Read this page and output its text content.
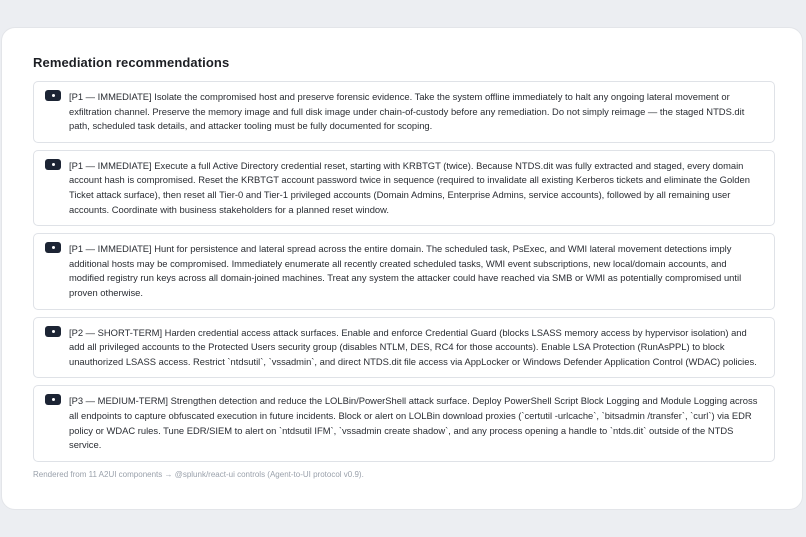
Remediation recommendations

[P1 — IMMEDIATE] Isolate the compromised host and preserve forensic evidence. Take the system offline immediately to halt any ongoing lateral movement or exfiltration channel. Preserve the memory image and full disk image under chain-of-custody before any remediation. Do not simply reimage — the staged NTDS.dit path, scheduled task details, and attacker tooling must be fully documented for scoping.

[P1 — IMMEDIATE] Execute a full Active Directory credential reset, starting with KRBTGT (twice). Because NTDS.dit was fully extracted and staged, every domain account hash is compromised. Reset the KRBTGT account password twice in sequence (required to invalidate all existing Kerberos tickets and eliminate the Golden Ticket attack surface), then reset all Tier-0 and Tier-1 privileged accounts (Domain Admins, Enterprise Admins, service accounts), followed by all remaining user accounts. Coordinate with business stakeholders for a planned reset window.

[P1 — IMMEDIATE] Hunt for persistence and lateral spread across the entire domain. The scheduled task, PsExec, and WMI lateral movement detections imply additional hosts may be compromised. Immediately enumerate all recently created scheduled tasks, WMI event subscriptions, new local/domain accounts, and modified registry run keys across all domain-joined machines. Treat any system the attacker could have reached via SMB or WMI as potentially compromised until proven otherwise.

[P2 — SHORT-TERM] Harden credential access attack surfaces. Enable and enforce Credential Guard (blocks LSASS memory access by hypervisor isolation) and add all privileged accounts to the Protected Users security group (disables NTLM, DES, RC4 for those accounts). Enable LSA Protection (RunAsPPL) to block unauthorized LSASS access. Restrict `ntdsutil`, `vssadmin`, and direct NTDS.dit file access via AppLocker or Windows Defender Application Control (WDAC) policies.

[P3 — MEDIUM-TERM] Strengthen detection and reduce the LOLBin/PowerShell attack surface. Deploy PowerShell Script Block Logging and Module Logging across all endpoints to capture obfuscated execution in future incidents. Block or alert on LOLBin download proxies (`certutil -urlcache`, `bitsadmin /transfer`, `curl`) via EDR policy or WDAC rules. Tune EDR/SIEM to alert on `ntdsutil IFM`, `vssadmin create shadow`, and any process opening a handle to `ntds.dit` outside of the NTDS service.

Rendered from 11 A2UI components → @splunk/react-ui controls (Agent-to-UI protocol v0.9).
